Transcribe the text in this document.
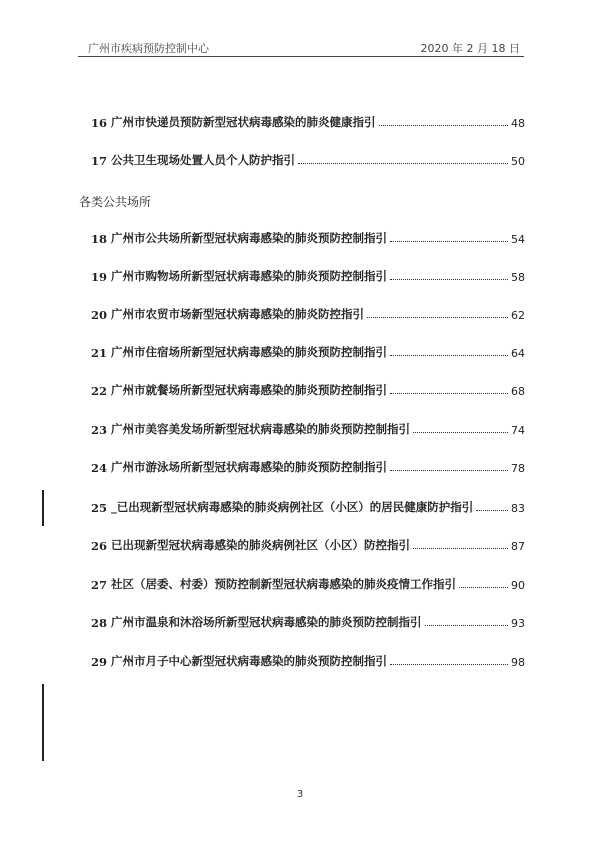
广州市疾病预防控制中心	2020 年 2 月 18 日
16 广州市快递员预防新型冠状病毒感染的肺炎健康指引	48
17 公共卫生现场处置人员个人防护指引	50
各类公共场所
18 广州市公共场所新型冠状病毒感染的肺炎预防控制指引	54
19 广州市购物场所新型冠状病毒感染的肺炎预防控制指引	58
20 广州市农贸市场新型冠状病毒感染的肺炎防控指引	62
21 广州市住宿场所新型冠状病毒感染的肺炎预防控制指引	64
22 广州市就餐场所新型冠状病毒感染的肺炎预防控制指引	68
23 广州市美容美发场所新型冠状病毒感染的肺炎预防控制指引	74
24 广州市游泳场所新型冠状病毒感染的肺炎预防控制指引	78
25 _已出现新型冠状病毒感染的肺炎病例社区（小区）的居民健康防护指引	83
26 已出现新型冠状病毒感染的肺炎病例社区（小区）防控指引	87
27 社区（居委、村委）预防控制新型冠状病毒感染的肺炎疫情工作指引	90
28 广州市温泉和沐浴场所新型冠状病毒感染的肺炎预防控制指引	93
29 广州市月子中心新型冠状病毒感染的肺炎预防控制指引	98
3
